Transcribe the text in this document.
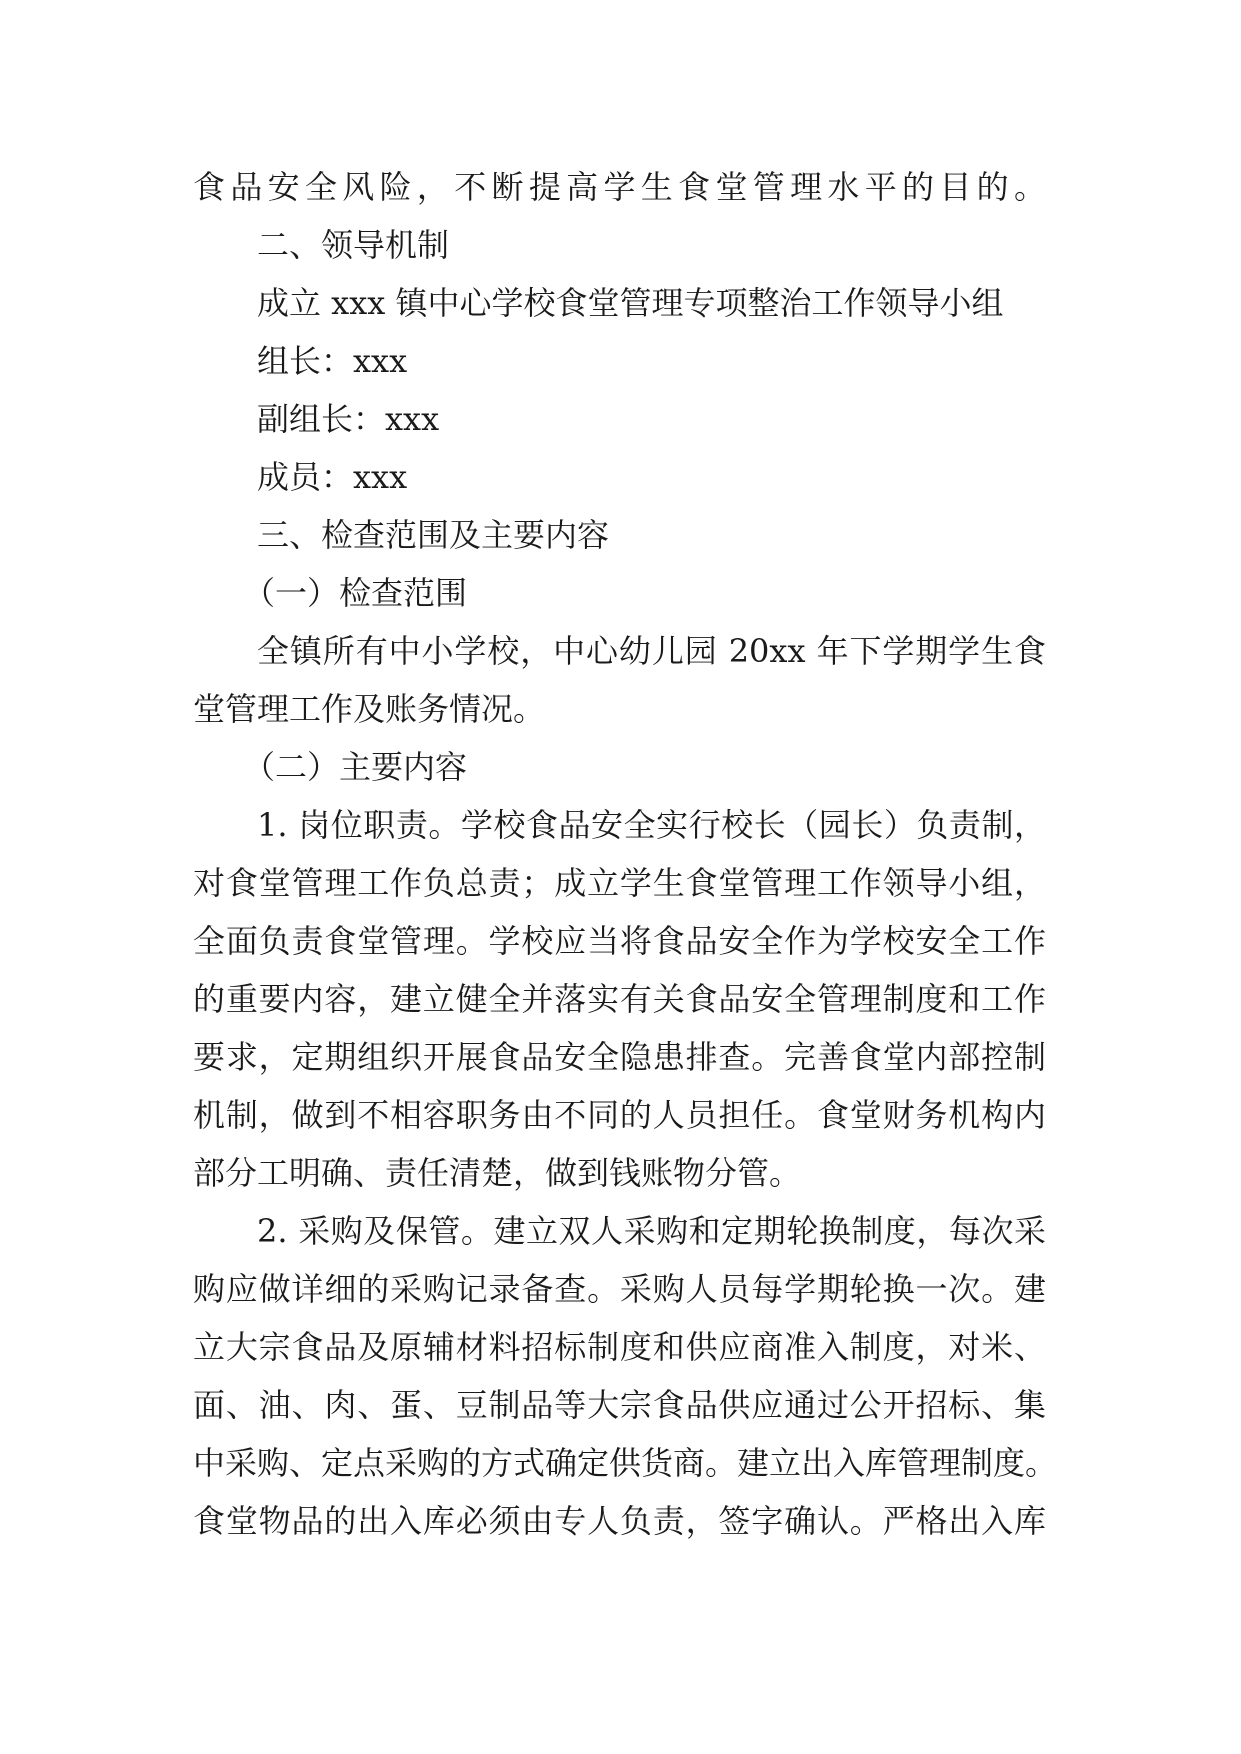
食品安全风险，不断提高学生食堂管理水平的目的。

二、领导机制

成立 xxx 镇中心学校食堂管理专项整治工作领导小组

组长：xxx

副组长：xxx

成员：xxx

三、检查范围及主要内容

（一）检查范围

全镇所有中小学校，中心幼儿园 20xx 年下学期学生食

堂管理工作及账务情况。

（二）主要内容

1. 岗位职责。学校食品安全实行校长（园长）负责制，

对食堂管理工作负总责；成立学生食堂管理工作领导小组，

全面负责食堂管理。学校应当将食品安全作为学校安全工作

的重要内容，建立健全并落实有关食品安全管理制度和工作

要求，定期组织开展食品安全隐患排查。完善食堂内部控制

机制，做到不相容职务由不同的人员担任。食堂财务机构内

部分工明确、责任清楚，做到钱账物分管。

2. 采购及保管。建立双人采购和定期轮换制度，每次采

购应做详细的采购记录备查。采购人员每学期轮换一次。建

立大宗食品及原辅材料招标制度和供应商准入制度，对米、

面、油、肉、蛋、豆制品等大宗食品供应通过公开招标、集

中采购、定点采购的方式确定供货商。建立出入库管理制度。

食堂物品的出入库必须由专人负责，签字确认。严格出入库
